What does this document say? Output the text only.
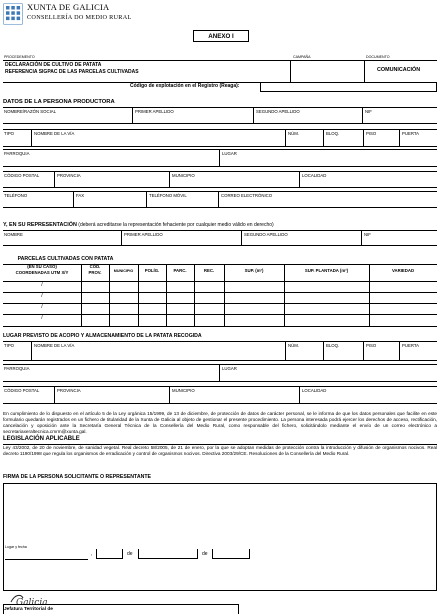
XUNTA DE GALICIA
CONSELLERÍA DO MEDIO RURAL
ANEXO I
PROCEDEMENTO	CAMPAÑA	DOCUMENTO
DECLARACIÓN DE CULTIVO DE PATATA
REFERENCIA SIGPAC DE LAS PARCELAS CULTIVADAS	COMUNICACIÓN
Código de explotación en el Registro (Reaga):
DATOS DE LA PERSONA PRODUCTORA
NOMBRE/RAZÓN SOCIAL	PRIMER APELLIDO	SEGUNDO APELLIDO	NIF
TIPO	NOMBRE DE LA VÍA	NÚM.	BLOQ.	PISO	PUERTA
PARROQUIA	LUGAR
CÓDIGO POSTAL	PROVINCIA	MUNICIPIO	LOCALIDAD
TELÉFONO	FAX	TELÉFONO MÓVIL	CORREO ELECTRÓNICO
Y, EN SU REPRESENTACIÓN (deberá acreditarse la representación fehaciente por cualquier medio válido en derecho)
NOMBRE	PRIMER APELLIDO	SEGUNDO APELLIDO	NIF
PARCELAS CULTIVADAS CON PATATA
(EN SU CASO)
COORDENADAS UTM X/Y
CÓD.
PROV.	MUNICIPIO	POLÍG.	PARC.	REC.	SUP. (m²)	SUP. PLANTADA (m²)	VARIEDAD
/
/
/
/
LUGAR PREVISTO DE ACOPIO Y ALMACENAMIENTO DE LA PATATA RECOGIDA
TIPO	NOMBRE DE LA VÍA	NÚM.	BLOQ.	PISO	PUERTA
PARROQUIA	LUGAR
CÓDIGO POSTAL	PROVINCIA	MUNICIPIO	LOCALIDAD
En cumplimiento de lo dispuesto en el artículo 5 de la Ley orgánica 15/1999, de 13 de diciembre, de protección de datos de carácter personal, se le informa de que los datos personales que facilite en este formulario quedarán registrados en un fichero de titularidad de la Xunta de Galicia al objeto de gestionar el presente procedimiento. La persona interesada podrá ejercer los derechos de acceso, rectificación, cancelación y oposición ante la Secretaría General Técnica de la Consellería del Medio Rural, como responsable del fichero, solicitándolo mediante el envío de un correo electrónico a secretariaxeraltecnica.cmrm@xunta.gal.
LEGISLACIÓN APLICABLE
Ley 43/2002, de 20 de noviembre, de sanidad vegetal. Real decreto 58/2005, de 21 de enero, por la que se adoptan medidas de protección contra la introducción y difusión de organismos nocivos. Real decreto 1190/1998 que regula los organismos de erradicación y control de organismos nocivos. Directiva 2003/29/CE. Resoluciones de la Consellería del Medio Rural.
FIRMA DE LA PERSONA SOLICITANTE O REPRESENTANTE
Lugar y fecha
,	de	de
Galicia
Jefatura Territorial de
